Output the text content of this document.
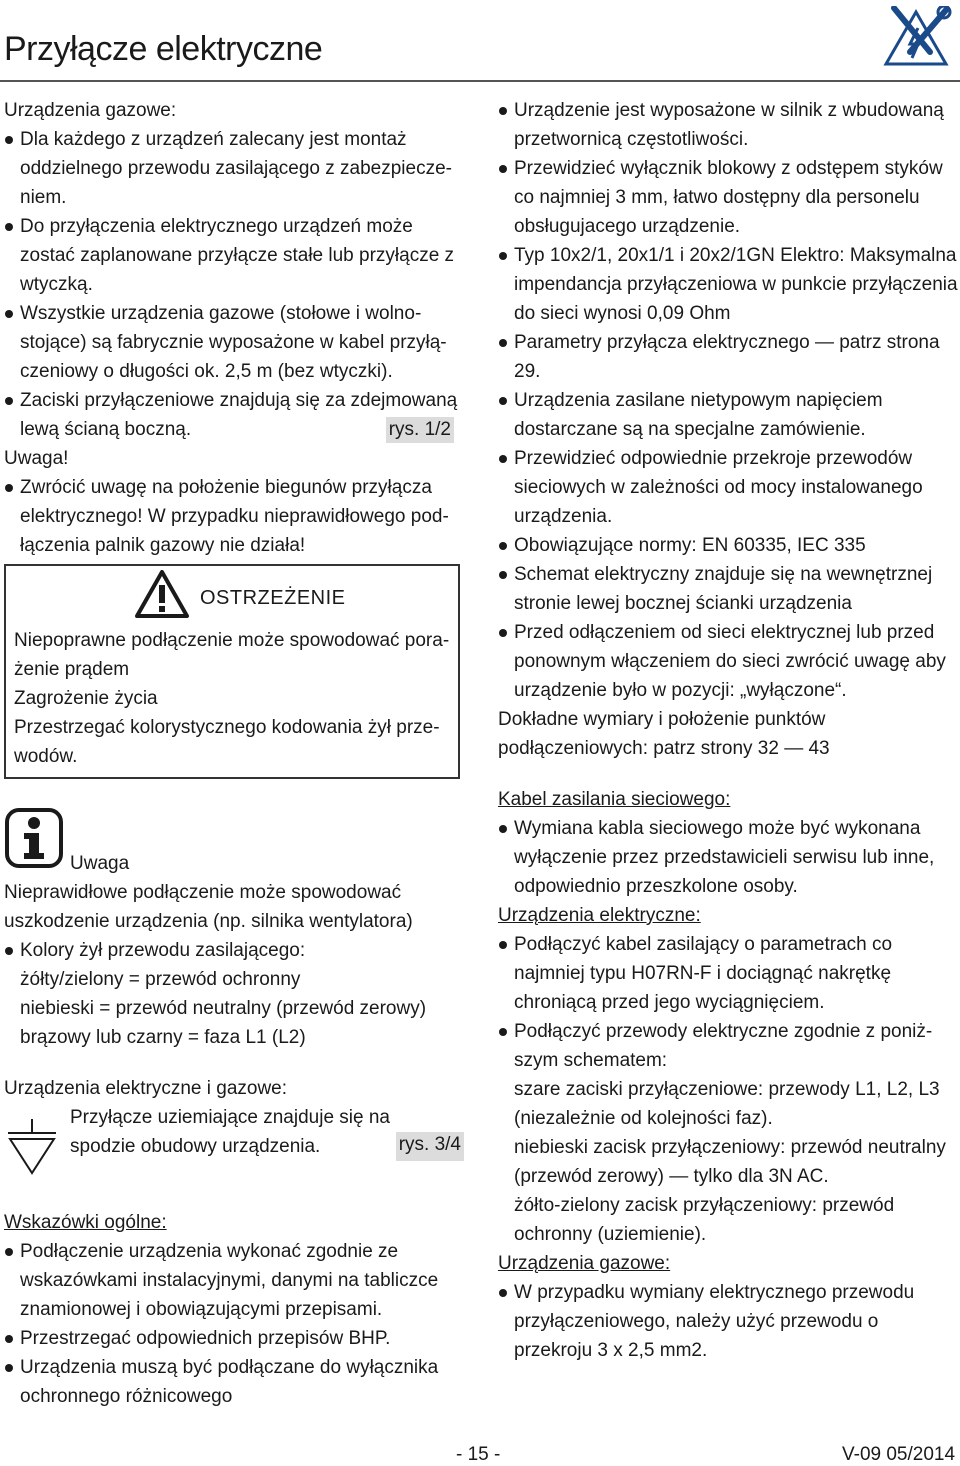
Przyłącze elektryczne

Urządzenia gazowe:

Dla każdego z urządzeń zalecany jest montaż oddzielnego przewodu zasilającego z zabezpiecze- niem.

Do przyłączenia elektrycznego urządzeń może zostać zaplanowane przyłącze stałe lub przyłącze z wtyczką.

Wszystkie urządzenia gazowe (stołowe i wolno- stojące) są fabrycznie wyposażone w kabel przyłą- czeniowy o długości ok. 2,5 m (bez wtyczki).

Zaciski przyłączeniowe znajdują się za zdejmowaną lewą ścianą boczną.	rys. 1/2

Uwaga!

Zwrócić uwagę na położenie biegunów przyłącza elektrycznego! W przypadku nieprawidłowego pod- łączenia palnik gazowy nie działa!

OSTRZEŻENIE

Niepoprawne podłączenie może spowodować pora- żenie prądem

Zagrożenie życia

Przestrzegać kolorystycznego kodowania żył prze- wodów.

Uwaga

Nieprawidłowe podłączenie może spowodować uszkodzenie urządzenia (np. silnika wentylatora)

Kolory żył przewodu zasilającego:

żółty/zielony = przewód ochronny

niebieski = przewód neutralny (przewód zerowy)

brązowy lub czarny = faza L1 (L2)

Urządzenia elektryczne i gazowe:

Przyłącze uziemiające znajduje się na

spodzie obudowy urządzenia.	rys. 3/4

Wskazówki ogólne:

Podłączenie urządzenia wykonać zgodnie ze wskazówkami instalacyjnymi, danymi na tabliczce znamionowej i obowiązującymi przepisami.

Przestrzegać odpowiednich przepisów BHP.

Urządzenia muszą być podłączane do wyłącznika ochronnego różnicowego

Urządzenie jest wyposażone w silnik z wbudowaną przetwornicą częstotliwości.

Przewidzieć wyłącznik blokowy z odstępem styków co najmniej 3 mm, łatwo dostępny dla personelu obsługujacego urządzenie.

Typ 10x2/1, 20x1/1 i 20x2/1GN Elektro: Maksymalna impendancja przyłączeniowa w punkcie przyłączenia do sieci wynosi 0,09 Ohm

Parametry przyłącza elektrycznego — patrz strona 29.

Urządzenia zasilane nietypowym napięciem dostarczane są na specjalne zamówienie.

Przewidzieć odpowiednie przekroje przewodów sieciowych w zależności od mocy instalowanego urządzenia.

Obowiązujące normy: EN 60335, IEC 335

Schemat elektryczny znajduje się na wewnętrznej stronie lewej bocznej ścianki urządzenia

Przed odłączeniem od sieci elektrycznej lub przed ponownym włączeniem do sieci zwrócić uwagę aby urządzenie było w pozycji: „wyłączone“.

Dokładne wymiary i położenie punktów podłączeniowych: patrz strony 32 — 43

Kabel zasilania sieciowego:

Wymiana kabla sieciowego może być wykonana wyłączenie przez przedstawicieli serwisu lub inne, odpowiednio przeszkolone osoby.

Urządzenia elektryczne:

Podłączyć kabel zasilający o parametrach co najmniej typu H07RN-F i dociągnąć nakrętkę chroniącą przed jego wyciągnięciem.

Podłączyć przewody elektryczne zgodnie z poniż- szym schematem:

szare zaciski przyłączeniowe: przewody L1, L2, L3 (niezależnie od kolejności faz).

niebieski zacisk przyłączeniowy: przewód neutralny (przewód zerowy) — tylko dla 3N AC.

żółto-zielony zacisk przyłączeniowy: przewód ochronny (uziemienie).

Urządzenia gazowe:

W przypadku wymiany elektrycznego przewodu przyłączeniowego, należy użyć przewodu o przekroju 3 x 2,5 mm2.

- 15 -	V-09 05/2014
